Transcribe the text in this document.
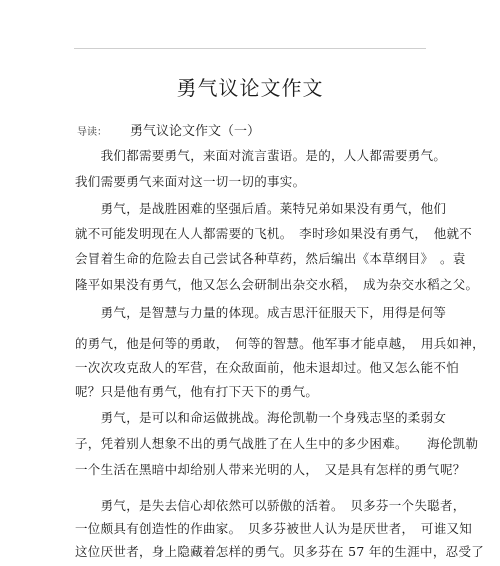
勇气议论文作文
导读： 勇气议论文作文（一）
　　我们都需要勇气，来面对流言蜚语。是的，人人都需要勇气。
我们需要勇气来面对这一切一切的事实。
　　勇气，是战胜困难的坚强后盾。莱特兄弟如果没有勇气，他们
就不可能发明现在人人都需要的飞机。　李时珍如果没有勇气，　他就不
会冒着生命的危险去自己尝试各种草药，然后编出《本草纲目》　。袁
隆平如果没有勇气，他又怎么会研制出杂交水稻，　成为杂交水稻之父。
　　勇气，是智慧与力量的体现。成吉思汗征服天下，用得是何等
的勇气，他是何等的勇敢，　何等的智慧。他军事才能卓越，　用兵如神，
一次次攻克敌人的军营，在众敌面前，他未退却过。他又怎么能不怕
呢？只是他有勇气，他有打下天下的勇气。
　　勇气，是可以和命运做挑战。海伦凯勒一个身残志坚的柔弱女
子，凭着别人想象不出的勇气战胜了在人生中的多少困难。　　海伦凯勒
一个生活在黑暗中却给别人带来光明的人，　又是具有怎样的勇气呢？
　　勇气，是失去信心却依然可以骄傲的活着。　贝多芬一个失聪者，
一位颇具有创造性的作曲家。　贝多芬被世人认为是厌世者，　可谁又知
这位厌世者，身上隐藏着怎样的勇气。贝多芬在 57 年的生涯中，忍受了
